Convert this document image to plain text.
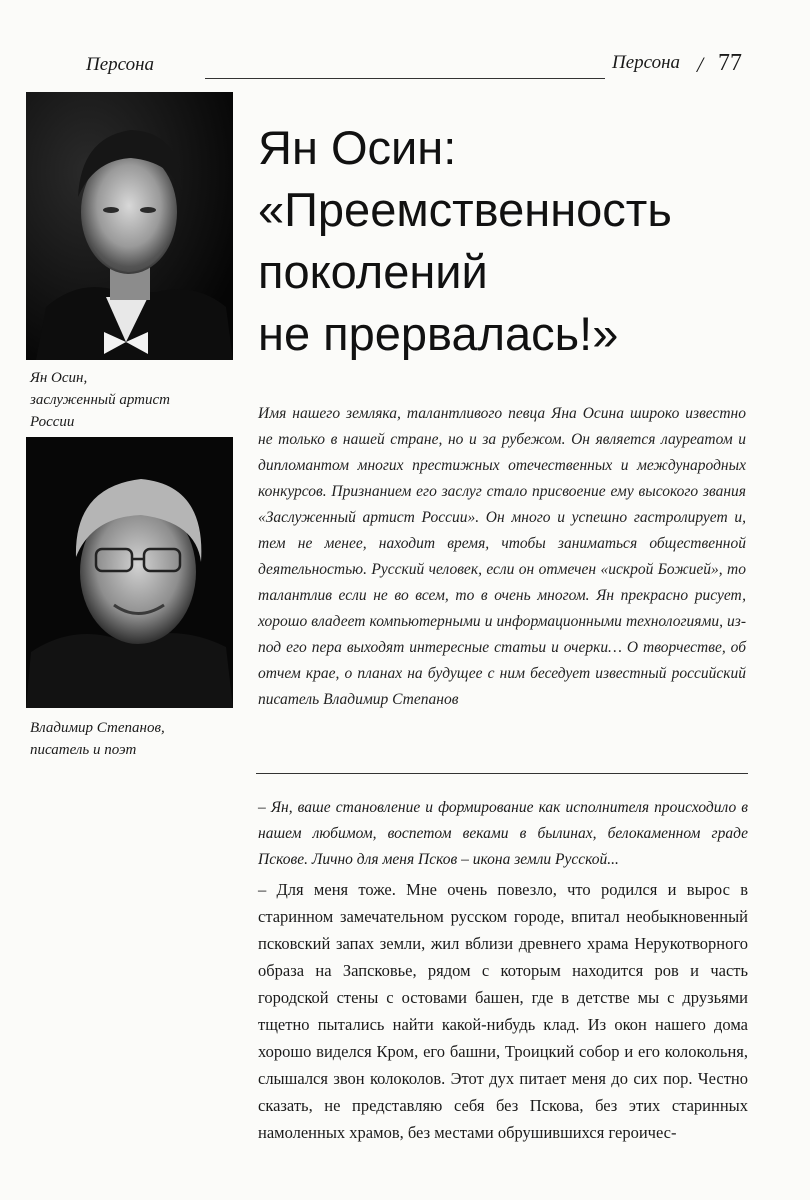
Персона	Персона / 77
Ян Осин,
заслуженный артист
России
Владимир Степанов,
писатель и поэт
Ян Осин:
«Преемственность
поколений
не прервалась!»
Имя нашего земляка, талантливого певца Яна Осина широко известно не только в нашей стране, но и за рубежом. Он является лауреатом и дипломантом многих престижных отечественных и международных конкурсов. Признанием его заслуг стало присвоение ему высокого звания «Заслуженный артист России». Он много и успешно гастролирует и, тем не менее, находит время, чтобы заниматься общественной деятельностью. Русский человек, если он отмечен «искрой Божией», то талантлив если не во всем, то в очень многом. Ян прекрасно рисует, хорошо владеет компьютерными и информационными технологиями, из-под его пера выходят интересные статьи и очерки… О творчестве, об отчем крае, о планах на будущее с ним беседует известный российский писатель Владимир Степанов
– Ян, ваше становление и формирование как исполнителя происходило в нашем любимом, воспетом веками в былинах, белокаменном граде Пскове. Лично для меня Псков – икона земли Русской...
– Для меня тоже. Мне очень повезло, что родился и вырос в старинном замечательном русском городе, впитал необыкновенный псковский запах земли, жил вблизи древнего храма Нерукотворного образа на Запсковье, рядом с которым находится ров и часть городской стены с остовами башен, где в детстве мы с друзьями тщетно пытались найти какой-нибудь клад. Из окон нашего дома хорошо виделся Кром, его башни, Троицкий собор и его колокольня, слышался звон колоколов. Этот дух питает меня до сих пор. Честно сказать, не представляю себя без Пскова, без этих старинных намоленных храмов, без местами обрушившихся героичес-
